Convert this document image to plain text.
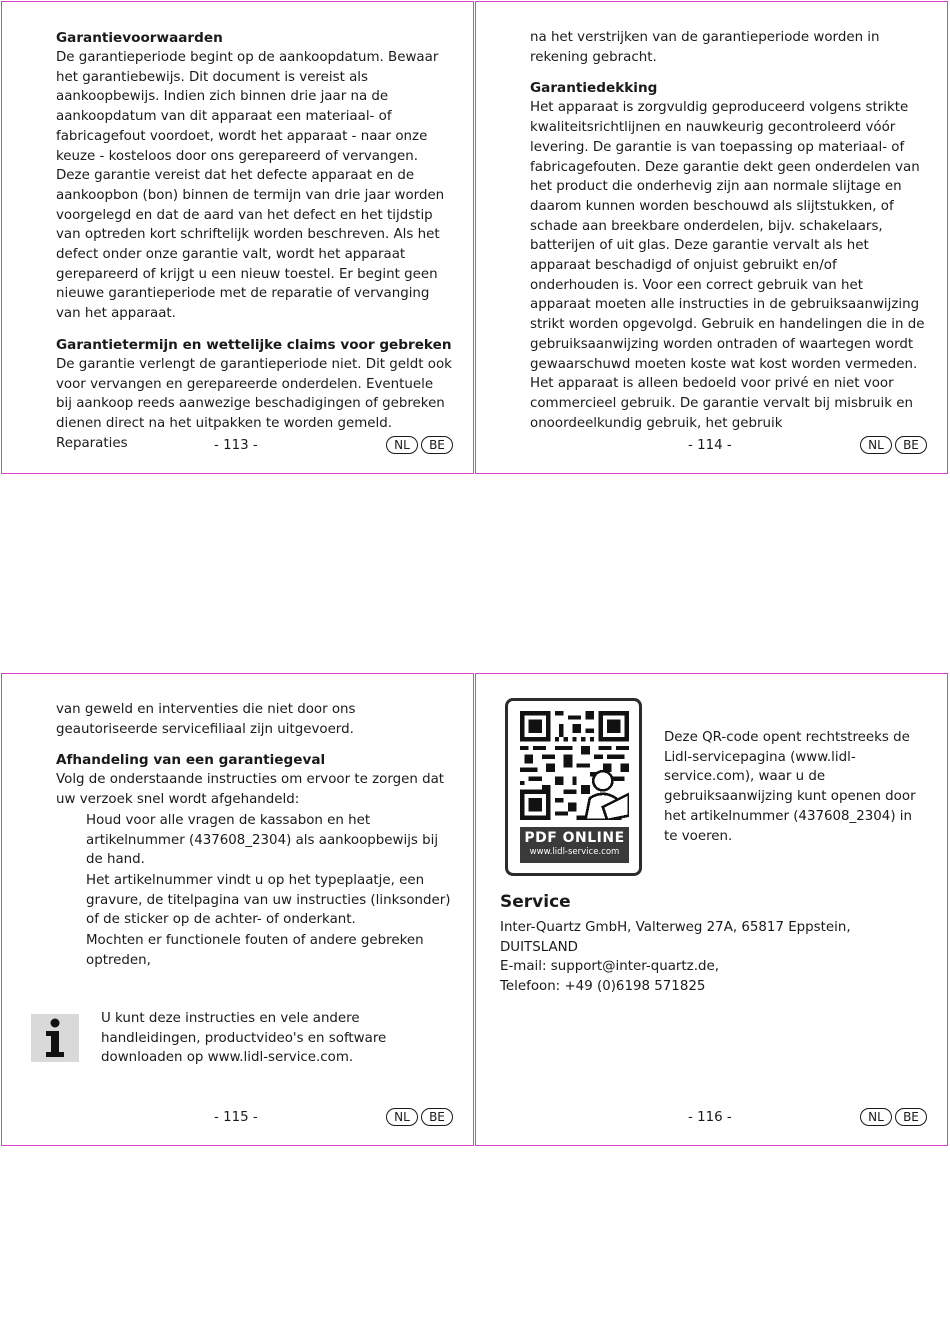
Garantievoorwaarden

De garantieperiode begint op de aankoopdatum. Bewaar het garantiebewijs. Dit document is vereist als aankoopbewijs. Indien zich binnen drie jaar na de aankoopdatum van dit apparaat een materiaal- of fabricagefout voordoet, wordt het apparaat - naar onze keuze - kosteloos door ons gerepareerd of vervangen. Deze garantie vereist dat het defecte apparaat en de aankoopbon (bon) binnen de termijn van drie jaar worden voorgelegd en dat de aard van het defect en het tijdstip van optreden kort schriftelijk worden beschreven. Als het defect onder onze garantie valt, wordt het apparaat gerepareerd of krijgt u een nieuw toestel. Er begint geen nieuwe garantieperiode met de reparatie of vervanging van het apparaat.

Garantietermijn en wettelijke claims voor gebreken

De garantie verlengt de garantieperiode niet. Dit geldt ook voor vervangen en gerepareerde onderdelen. Eventuele bij aankoop reeds aanwezige beschadigingen of gebreken dienen direct na het uitpakken te worden gemeld. Reparaties	- 113 -	NL	BE

na het verstrijken van de garantieperiode worden in rekening gebracht.

Garantiedekking

Het apparaat is zorgvuldig geproduceerd volgens strikte kwaliteitsrichtlijnen en nauwkeurig gecontroleerd vóór levering. De garantie is van toepassing op materiaal- of fabricagefouten. Deze garantie dekt geen onderdelen van het product die onderhevig zijn aan normale slijtage en daarom kunnen worden beschouwd als slijtstukken, of schade aan breekbare onderdelen, bijv. schakelaars, batterijen of uit glas. Deze garantie vervalt als het apparaat beschadigd of onjuist gebruikt en/of onderhouden is. Voor een correct gebruik van het apparaat moeten alle instructies in de gebruiksaanwijzing strikt worden opgevolgd. Gebruik en handelingen die in de gebruiksaanwijzing worden ontraden of waartegen wordt gewaarschuwd moeten koste wat kost worden vermeden. Het apparaat is alleen bedoeld voor privé en niet voor commercieel gebruik. De garantie vervalt bij misbruik en onoordeelkundig gebruik, het gebruik

- 114 -	NL	BE

van geweld en interventies die niet door ons geautoriseerde servicefiliaal zijn uitgevoerd.

Afhandeling van een garantiegeval

Volg de onderstaande instructies om ervoor te zorgen dat uw verzoek snel wordt afgehandeld:

Houd voor alle vragen de kassabon en het artikelnummer (437608_2304) als aankoopbewijs bij de hand.

Het artikelnummer vindt u op het typeplaatje, een gravure, de titelpagina van uw instructies (linksonder) of de sticker op de achter- of onderkant.

Mochten er functionele fouten of andere gebreken optreden,

U kunt deze instructies en vele andere handleidingen, productvideo's en software downloaden op www.lidl-service.com.

- 115 -	NL	BE
PDF ONLINE
www.lidl-service.com

Deze QR-code opent rechtstreeks de Lidl-servicepagina (www.lidl-service.com), waar u de gebruiksaanwijzing kunt openen door het artikelnummer (437608_2304) in te voeren.

Service

Inter-Quartz GmbH, Valterweg 27A, 65817 Eppstein,

DUITSLAND

E-mail: support@inter-quartz.de,

Telefoon: +49 (0)6198 571825

- 116 -	NL	BE
